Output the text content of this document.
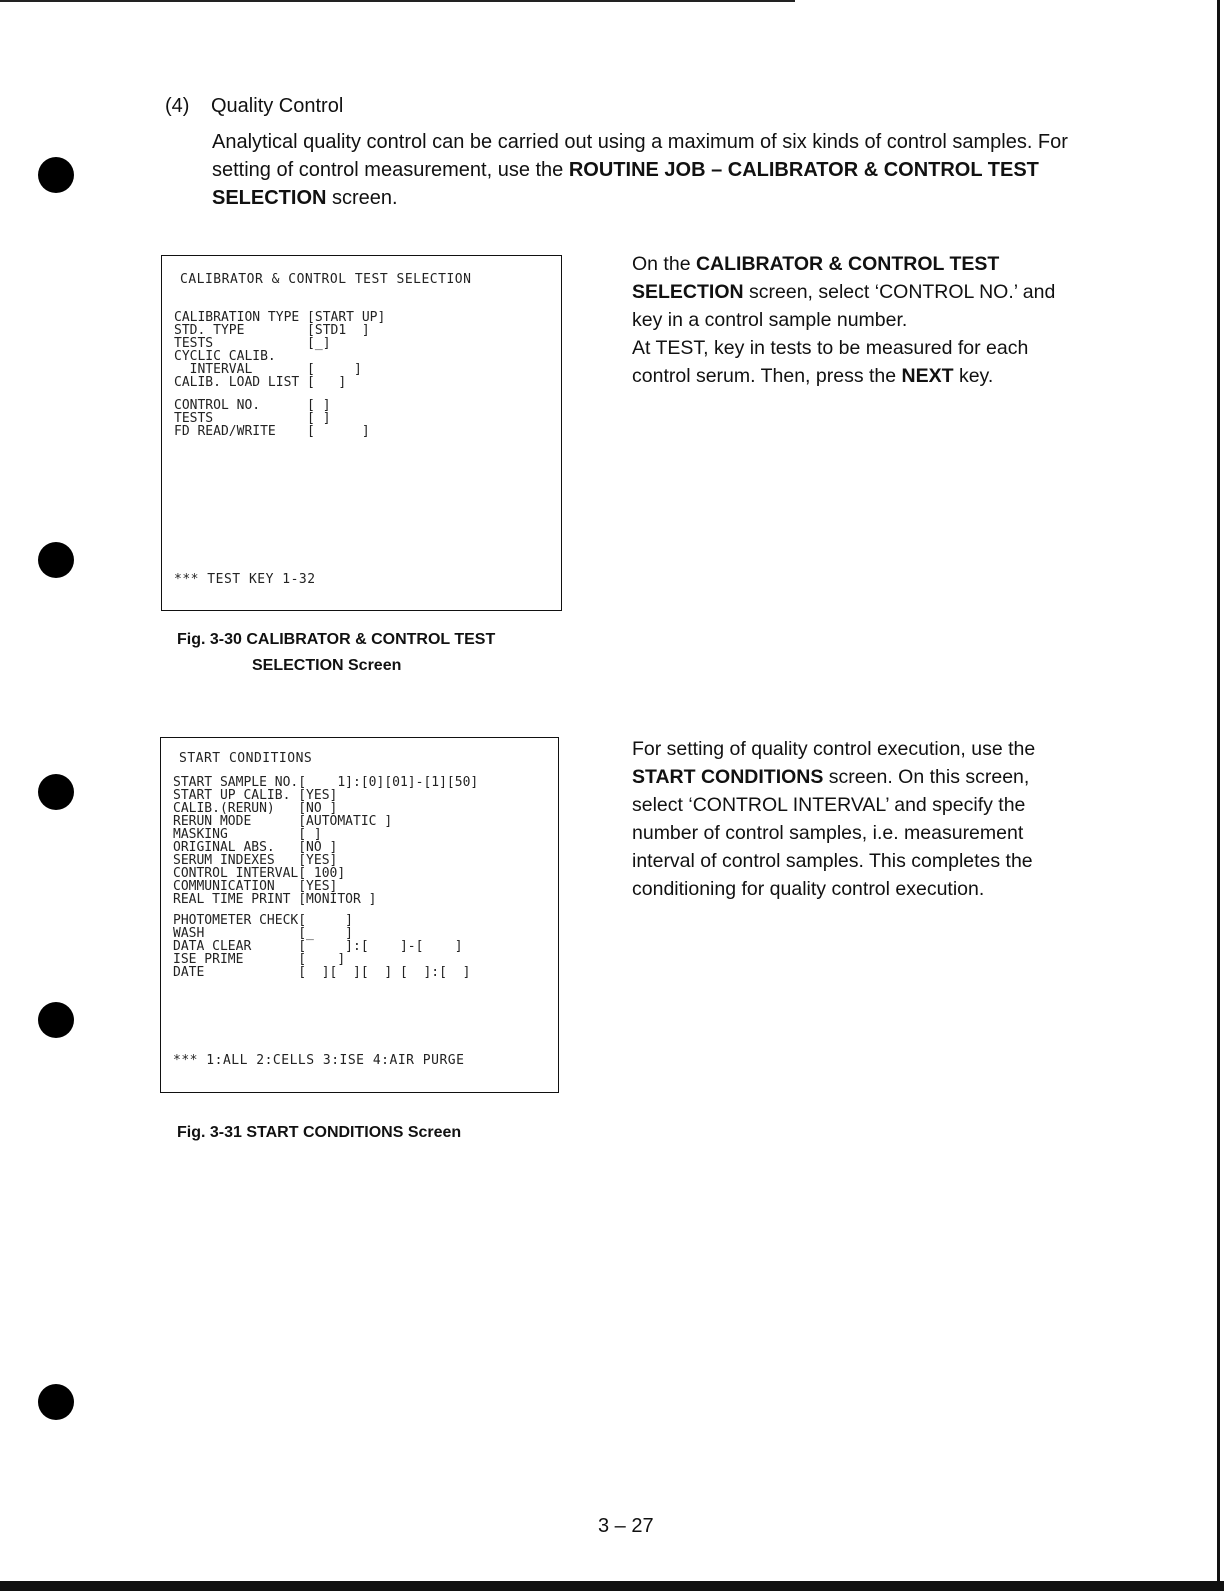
(4) Quality Control

Analytical quality control can be carried out using a maximum of six kinds of control samples. For setting of control measurement, use the ROUTINE JOB – CALIBRATOR & CONTROL TEST SELECTION screen.

CALIBRATOR & CONTROL TEST SELECTION
CALIBRATION TYPE [START UP]
STD. TYPE        [STD1  ]
TESTS            [_]
CYCLIC CALIB.
INTERVAL       [     ]
CALIB. LOAD LIST [   ]
CONTROL NO.      [ ]
TESTS            [ ]
FD READ/WRITE    [      ]
*** TEST KEY 1-32
Fig. 3-30 CALIBRATOR & CONTROL TEST
SELECTION Screen

On the CALIBRATOR & CONTROL TEST SELECTION screen, select ‘CONTROL NO.’ and key in a control sample number.

At TEST, key in tests to be measured for each control serum. Then, press the NEXT key.

START CONDITIONS
START SAMPLE NO.[    1]:[0][01]-[1][50]
START UP CALIB. [YES]
CALIB.(RERUN)   [NO ]
RERUN MODE      [AUTOMATIC ]
MASKING         [ ]
ORIGINAL ABS.   [NO ]
SERUM INDEXES   [YES]
CONTROL INTERVAL[ 100]
COMMUNICATION   [YES]
REAL TIME PRINT [MONITOR ]
PHOTOMETER CHECK[     ]
WASH            [_    ]
DATA CLEAR      [     ]:[    ]-[    ]
ISE PRIME       [    ]
DATE            [  ][  ][  ] [  ]:[  ]
*** 1:ALL 2:CELLS 3:ISE 4:AIR PURGE
Fig. 3-31 START CONDITIONS Screen

For setting of quality control execution, use the START CONDITIONS screen. On this screen, select ‘CONTROL INTERVAL’ and specify the number of control samples, i.e. measurement interval of control samples. This completes the conditioning for quality control execution.

3 – 27
